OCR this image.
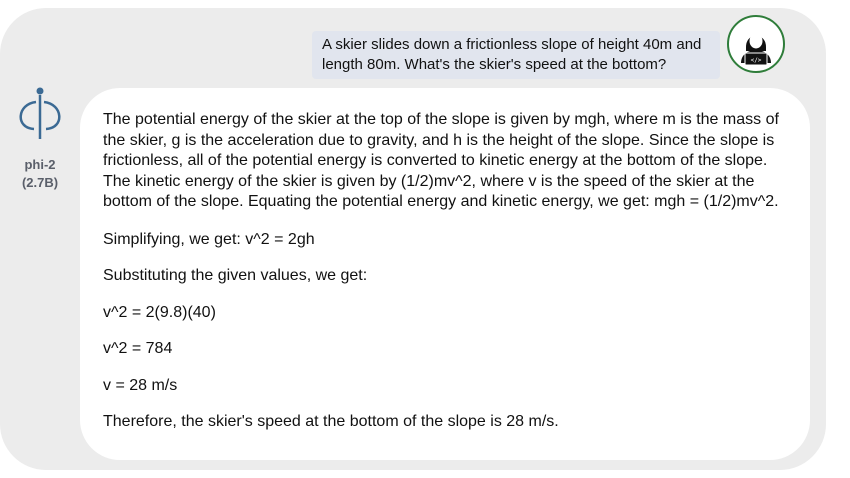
A skier slides down a frictionless slope of height 40m and length 80m. What's the skier's speed at the bottom?	</>
phi-2
(2.7B)

The potential energy of the skier at the top of the slope is given by mgh, where m is the mass of the skier, g is the acceleration due to gravity, and h is the height of the slope. Since the slope is frictionless, all of the potential energy is converted to kinetic energy at the bottom of the slope. The kinetic energy of the skier is given by (1/2)mv^2, where v is the speed of the skier at the bottom of the slope. Equating the potential energy and kinetic energy, we get: mgh = (1/2)mv^2.

Simplifying, we get: v^2 = 2gh

Substituting the given values, we get:

v^2 = 2(9.8)(40)

v^2 = 784

v = 28 m/s

Therefore, the skier's speed at the bottom of the slope is 28 m/s.
